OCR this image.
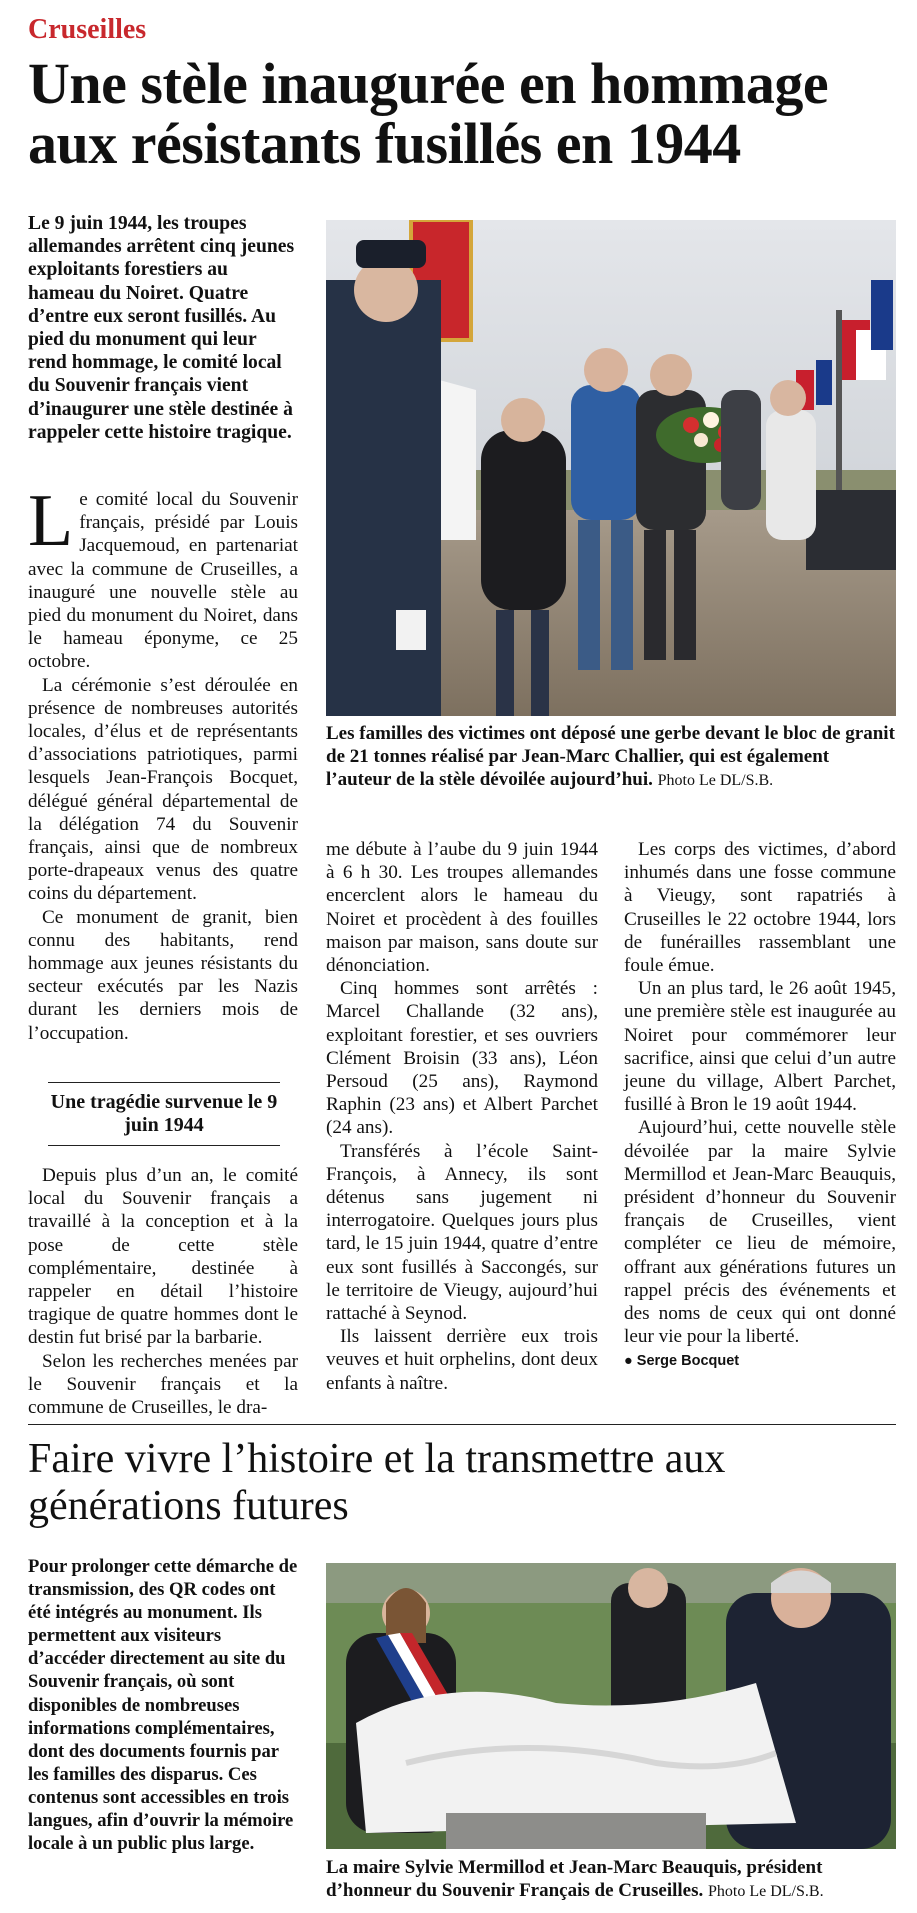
Cruseilles
Une stèle inaugurée en hommage aux résistants fusillés en 1944
Le 9 juin 1944, les troupes allemandes arrêtent cinq jeunes exploitants forestiers au hameau du Noiret. Quatre d’entre eux seront fusillés. Au pied du monument qui leur rend hommage, le comité local du Souvenir français vient d’inaugurer une stèle destinée à rappeler cette histoire tragique.
Les familles des victimes ont déposé une gerbe devant le bloc de granit de 21 tonnes réalisé par Jean-Marc Challier, qui est également l’auteur de la stèle dévoilée aujourd’hui. Photo Le DL/S.B.

Le comité local du Souvenir français, présidé par Louis Jacquemoud, en partenariat avec la commune de Cruseilles, a inauguré une nouvelle stèle au pied du monument du Noiret, dans le hameau éponyme, ce 25 octobre.

La cérémonie s’est déroulée en présence de nombreuses autorités locales, d’élus et de représentants d’associations patriotiques, parmi lesquels Jean-François Bocquet, délégué général départemental de la délégation 74 du Souvenir français, ainsi que de nombreux porte-drapeaux venus des quatre coins du département.

Ce monument de granit, bien connu des habitants, rend hommage aux jeunes résistants du secteur exécutés par les Nazis durant les derniers mois de l’occupation.

Une tragédie survenue le 9 juin 1944

Depuis plus d’un an, le comité local du Souvenir français a travaillé à la conception et à la pose de cette stèle complémentaire, destinée à rappeler en détail l’histoire tragique de quatre hommes dont le destin fut brisé par la barbarie.

Selon les recherches menées par le Souvenir français et la commune de Cruseilles, le dra-

me débute à l’aube du 9 juin 1944 à 6 h 30. Les troupes allemandes encerclent alors le hameau du Noiret et procèdent à des fouilles maison par maison, sans doute sur dénonciation.

Cinq hommes sont arrêtés : Marcel Challande (32 ans), exploitant forestier, et ses ouvriers Clément Broisin (33 ans), Léon Persoud (25 ans), Raymond Raphin (23 ans) et Albert Parchet (24 ans).

Transférés à l’école Saint-François, à Annecy, ils sont détenus sans jugement ni interrogatoire. Quelques jours plus tard, le 15 juin 1944, quatre d’entre eux sont fusillés à Saccongés, sur le territoire de Vieugy, aujourd’hui rattaché à Seynod.

Ils laissent derrière eux trois veuves et huit orphelins, dont deux enfants à naître.

Les corps des victimes, d’abord inhumés dans une fosse commune à Vieugy, sont rapatriés à Cruseilles le 22 octobre 1944, lors de funérailles rassemblant une foule émue.

Un an plus tard, le 26 août 1945, une première stèle est inaugurée au Noiret pour commémorer leur sacrifice, ainsi que celui d’un autre jeune du village, Albert Parchet, fusillé à Bron le 19 août 1944.

Aujourd’hui, cette nouvelle stèle dévoilée par la maire Sylvie Mermillod et Jean-Marc Beauquis, président d’honneur du Souvenir français de Cruseilles, vient compléter ce lieu de mémoire, offrant aux générations futures un rappel précis des événements et des noms de ceux qui ont donné leur vie pour la liberté.

● Serge Bocquet
Faire vivre l’histoire et la transmettre aux générations futures
Pour prolonger cette démarche de transmission, des QR codes ont été intégrés au monument. Ils permettent aux visiteurs d’accéder directement au site du Souvenir français, où sont disponibles de nombreuses informations complémentaires, dont des documents fournis par les familles des disparus. Ces contenus sont accessibles en trois langues, afin d’ouvrir la mémoire locale à un public plus large.
La maire Sylvie Mermillod et Jean-Marc Beauquis, président d’honneur du Souvenir Français de Cruseilles. Photo Le DL/S.B.
